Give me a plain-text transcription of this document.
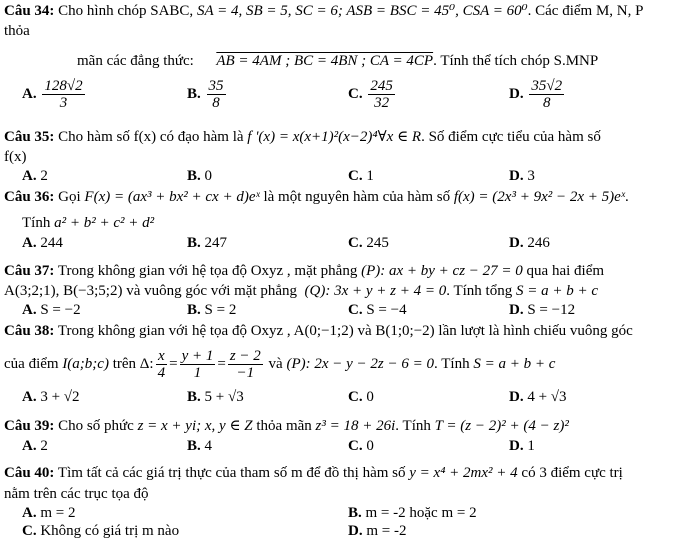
Câu 34: Cho hình chóp SABC, SA = 4, SB = 5, SC = 6; ASB = BSC = 45⁰, CSA = 60⁰. Các điểm M, N, P
thỏa
mãn các đẳng thức: AB = 4AM ; BC = 4BN ; CA = 4CP. Tính thể tích chóp S.MNP
A. $\frac{128√2}{3}$	B. $\frac{35}{8}$	C. $\frac{245}{32}$	D. $\frac{35√2}{8}$
Câu 35: Cho hàm số f(x) có đạo hàm là f '(x) = x(x+1)²(x−2)⁴∀x ∈ R. Số điểm cực tiểu của hàm số
f(x)
A. 2	B. 0	C. 1	D. 3
Câu 36: Gọi F(x) = (ax³ + bx² + cx + d)eˣ là một nguyên hàm của hàm số f(x) = (2x³ + 9x² − 2x + 5)eˣ.
Tính a² + b² + c² + d²
A. 244	B. 247	C. 245	D. 246
Câu 37: Trong không gian với hệ tọa độ Oxyz , mặt phẳng (P): ax + by + cz − 27 = 0 qua hai điểm
A(3;2;1), B(−3;5;2) và vuông góc với mặt phẳng (Q): 3x + y + z + 4 = 0. Tính tổng S = a + b + c
A. S = −2	B. S = 2	C. S = −4	D. S = −12
Câu 38: Trong không gian với hệ tọa độ Oxyz , A(0;−1;2) và B(1;0;−2) lần lượt là hình chiếu vuông góc
của điểm I(a;b;c) trên Δ: $\frac{x}{4} = \frac{y + 1}{1} = \frac{z - 2}{-1}$ và (P): 2x − y − 2z − 6 = 0. Tính S = a + b + c
A. 3 + √2	B. 5 + √3	C. 0	D. 4 + √3
Câu 39: Cho số phức z = x + yi; x, y ∈ Z thỏa mãn z³ = 18 + 26i. Tính T = (z − 2)² + (4 − z)²
A. 2	B. 4	C. 0	D. 1
Câu 40: Tìm tất cả các giá trị thực của tham số m để đồ thị hàm số y = x⁴ + 2mx² + 4 có 3 điểm cực trị
nằm trên các trục tọa độ
A. m = 2	B. m = -2 hoặc m = 2
C. Không có giá trị m nào	D. m = -2
